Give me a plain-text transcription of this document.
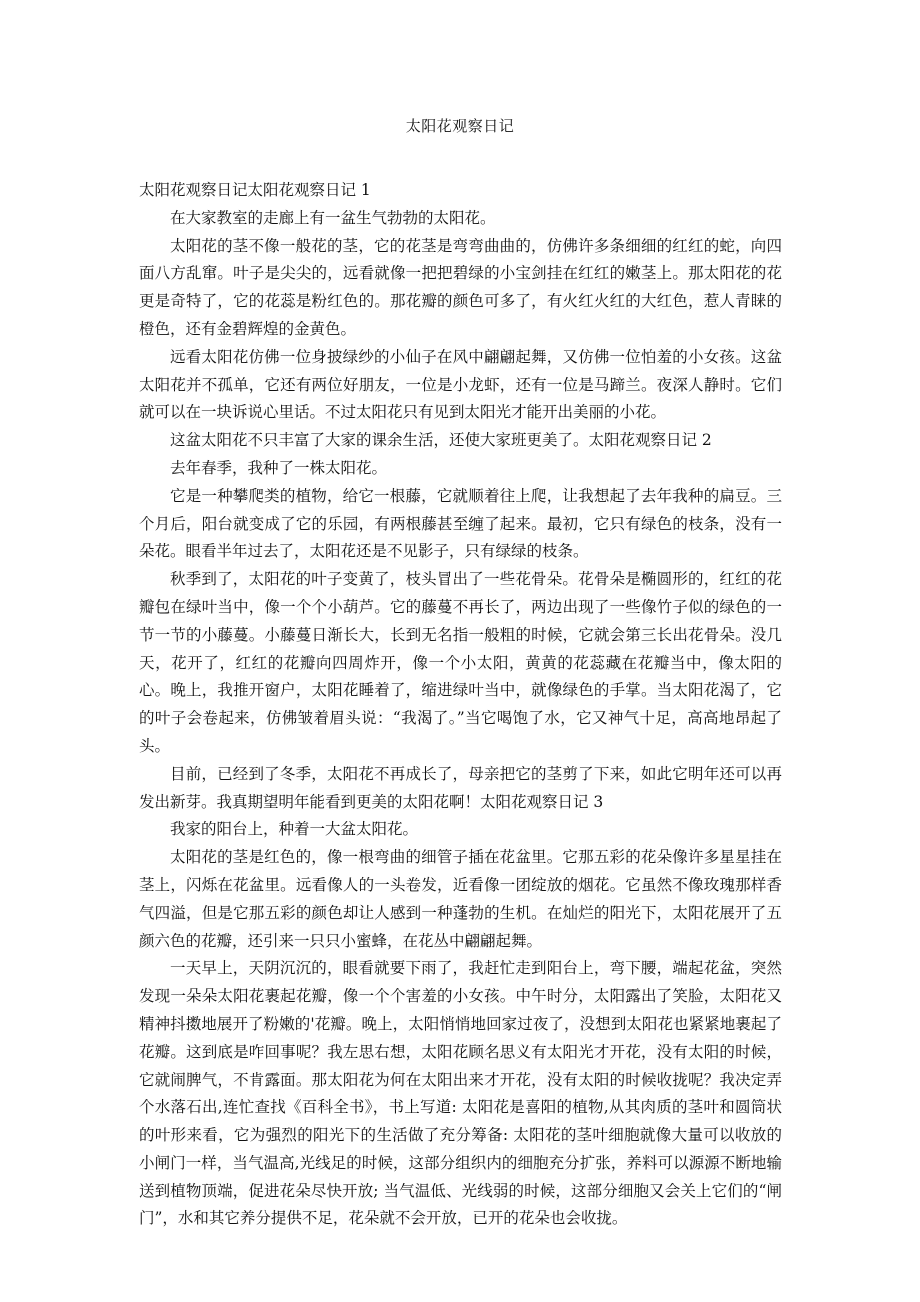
太阳花观察日记

太阳花观察日记太阳花观察日记 1

在大家教室的走廊上有一盆生气勃勃的太阳花。

太阳花的茎不像一般花的茎，它的花茎是弯弯曲曲的，仿佛许多条细细的红红的蛇，向四面八方乱窜。叶子是尖尖的，远看就像一把把碧绿的小宝剑挂在红红的嫩茎上。那太阳花的花更是奇特了，它的花蕊是粉红色的。那花瓣的颜色可多了，有火红火红的大红色，惹人青睐的橙色，还有金碧辉煌的金黄色。

远看太阳花仿佛一位身披绿纱的小仙子在风中翩翩起舞，又仿佛一位怕羞的小女孩。这盆太阳花并不孤单，它还有两位好朋友，一位是小龙虾，还有一位是马蹄兰。夜深人静时。它们就可以在一块诉说心里话。不过太阳花只有见到太阳光才能开出美丽的小花。

这盆太阳花不只丰富了大家的课余生活，还使大家班更美了。太阳花观察日记 2

去年春季，我种了一株太阳花。

它是一种攀爬类的植物，给它一根藤，它就顺着往上爬，让我想起了去年我种的扁豆。三个月后，阳台就变成了它的乐园，有两根藤甚至缠了起来。最初，它只有绿色的枝条，没有一朵花。眼看半年过去了，太阳花还是不见影子，只有绿绿的枝条。

秋季到了，太阳花的叶子变黄了，枝头冒出了一些花骨朵。花骨朵是椭圆形的，红红的花瓣包在绿叶当中，像一个个小葫芦。它的藤蔓不再长了，两边出现了一些像竹子似的绿色的一节一节的小藤蔓。小藤蔓日渐长大，长到无名指一般粗的时候，它就会第三长出花骨朵。没几天，花开了，红红的花瓣向四周炸开，像一个小太阳，黄黄的花蕊藏在花瓣当中，像太阳的心。晚上，我推开窗户，太阳花睡着了，缩进绿叶当中，就像绿色的手掌。当太阳花渴了，它的叶子会卷起来，仿佛皱着眉头说：“我渴了。”当它喝饱了水，它又神气十足，高高地昂起了头。

目前，已经到了冬季，太阳花不再成长了，母亲把它的茎剪了下来，如此它明年还可以再发出新芽。我真期望明年能看到更美的太阳花啊！太阳花观察日记 3

我家的阳台上，种着一大盆太阳花。

太阳花的茎是红色的，像一根弯曲的细管子插在花盆里。它那五彩的花朵像许多星星挂在茎上，闪烁在花盆里。远看像人的一头卷发，近看像一团绽放的烟花。它虽然不像玫瑰那样香气四溢，但是它那五彩的颜色却让人感到一种蓬勃的生机。在灿烂的阳光下，太阳花展开了五颜六色的花瓣，还引来一只只小蜜蜂，在花丛中翩翩起舞。

一天早上，天阴沉沉的，眼看就要下雨了，我赶忙走到阳台上，弯下腰，端起花盆，突然发现一朵朵太阳花裹起花瓣，像一个个害羞的小女孩。中午时分，太阳露出了笑脸，太阳花又精神抖擞地展开了粉嫩的'花瓣。晚上，太阳悄悄地回家过夜了，没想到太阳花也紧紧地裹起了花瓣。这到底是咋回事呢？我左思右想，太阳花顾名思义有太阳光才开花，没有太阳的时候，它就闹脾气，不肯露面。那太阳花为何在太阳出来才开花，没有太阳的时候收拢呢？我决定弄个水落石出,连忙查找《百科全书》，书上写道: 太阳花是喜阳的植物,从其肉质的茎叶和圆筒状的叶形来看，它为强烈的阳光下的生活做了充分筹备: 太阳花的茎叶细胞就像大量可以收放的小闸门一样，当气温高,光线足的时候，这部分组织内的细胞充分扩张，养料可以源源不断地输送到植物顶端，促进花朵尽快开放; 当气温低、光线弱的时候，这部分细胞又会关上它们的“闸门”，水和其它养分提供不足，花朵就不会开放，已开的花朵也会收拢。
